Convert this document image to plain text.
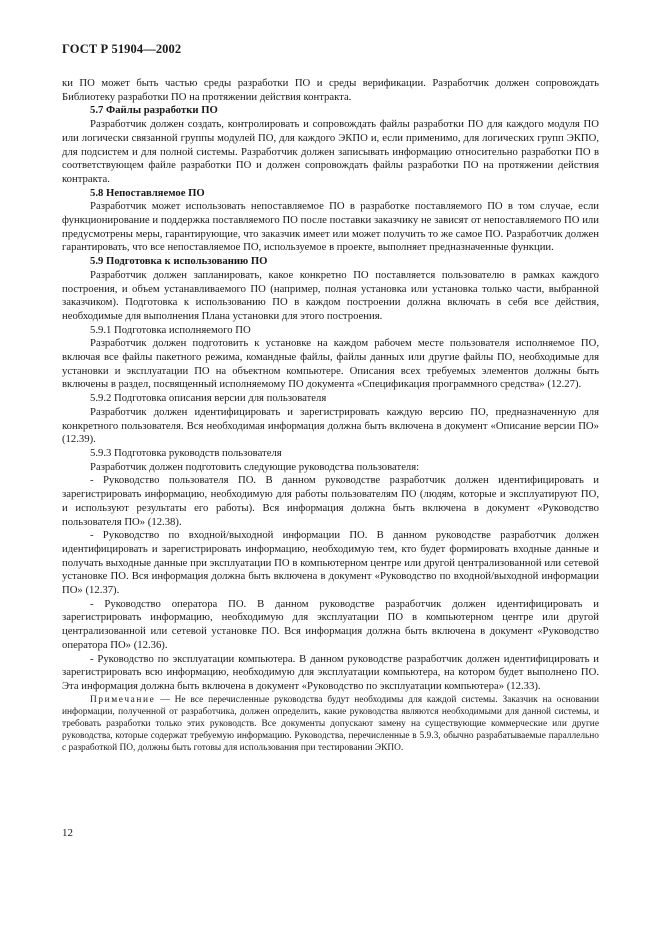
ГОСТ Р 51904—2002

ки ПО может быть частью среды разработки ПО и среды верификации. Разработчик должен сопровождать Библиотеку разработки ПО на протяжении действия контракта.

5.7 Файлы разработки ПО

Разработчик должен создать, контролировать и сопровождать файлы разработки ПО для каждого модуля ПО или логически связанной группы модулей ПО, для каждого ЭКПО и, если применимо, для логических групп ЭКПО, для подсистем и для полной системы. Разработчик должен записывать информацию относительно разработки ПО в соответствующем файле разработки ПО и должен сопровождать файлы разработки ПО на протяжении действия контракта.

5.8 Непоставляемое ПО

Разработчик может использовать непоставляемое ПО в разработке поставляемого ПО в том случае, если функционирование и поддержка поставляемого ПО после поставки заказчику не зависят от непоставляемого ПО или предусмотрены меры, гарантирующие, что заказчик имеет или может получить то же самое ПО. Разработчик должен гарантировать, что все непоставляемое ПО, используемое в проекте, выполняет предназначенные функции.

5.9 Подготовка к использованию ПО

Разработчик должен запланировать, какое конкретно ПО поставляется пользователю в рамках каждого построения, и объем устанавливаемого ПО (например, полная установка или установка только части, выбранной заказчиком). Подготовка к использованию ПО в каждом построении должна включать в себя все действия, необходимые для выполнения Плана установки для этого построения.

5.9.1 Подготовка исполняемого ПО

Разработчик должен подготовить к установке на каждом рабочем месте пользователя исполняемое ПО, включая все файлы пакетного режима, командные файлы, файлы данных или другие файлы ПО, необходимые для установки и эксплуатации ПО на объектном компьютере. Описания всех требуемых элементов должны быть включены в раздел, посвященный исполняемому ПО документа «Спецификация программного средства» (12.27).

5.9.2 Подготовка описания версии для пользователя

Разработчик должен идентифицировать и зарегистрировать каждую версию ПО, предназначенную для конкретного пользователя. Вся необходимая информация должна быть включена в документ «Описание версии ПО» (12.39).

5.9.3 Подготовка руководств пользователя

Разработчик должен подготовить следующие руководства пользователя:

- Руководство пользователя ПО. В данном руководстве разработчик должен идентифицировать и зарегистрировать информацию, необходимую для работы пользователям ПО (людям, которые и эксплуатируют ПО, и используют результаты его работы). Вся информация должна быть включена в документ «Руководство пользователя ПО» (12.38).

- Руководство по входной/выходной информации ПО. В данном руководстве разработчик должен идентифицировать и зарегистрировать информацию, необходимую тем, кто будет формировать входные данные и получать выходные данные при эксплуатации ПО в компьютерном центре или другой централизованной или сетевой установке ПО. Вся информация должна быть включена в документ «Руководство по входной/выходной информации ПО» (12.37).

- Руководство оператора ПО. В данном руководстве разработчик должен идентифицировать и зарегистрировать информацию, необходимую для эксплуатации ПО в компьютерном центре или другой централизованной или сетевой установке ПО. Вся информация должна быть включена в документ «Руководство оператора ПО» (12.36).

- Руководство по эксплуатации компьютера. В данном руководстве разработчик должен идентифицировать и зарегистрировать всю информацию, необходимую для эксплуатации компьютера, на котором будет выполнено ПО. Эта информация должна быть включена в документ «Руководство по эксплуатации компьютера» (12.33).

Примечание — Не все перечисленные руководства будут необходимы для каждой системы. Заказчик на основании информации, полученной от разработчика, должен определить, какие руководства являются необходимыми для данной системы, и требовать разработки только этих руководств. Все документы допускают замену на существующие коммерческие или другие руководства, которые содержат требуемую информацию. Руководства, перечисленные в 5.9.3, обычно разрабатываемые параллельно с разработкой ПО, должны быть готовы для использования при тестировании ЭКПО.

12
